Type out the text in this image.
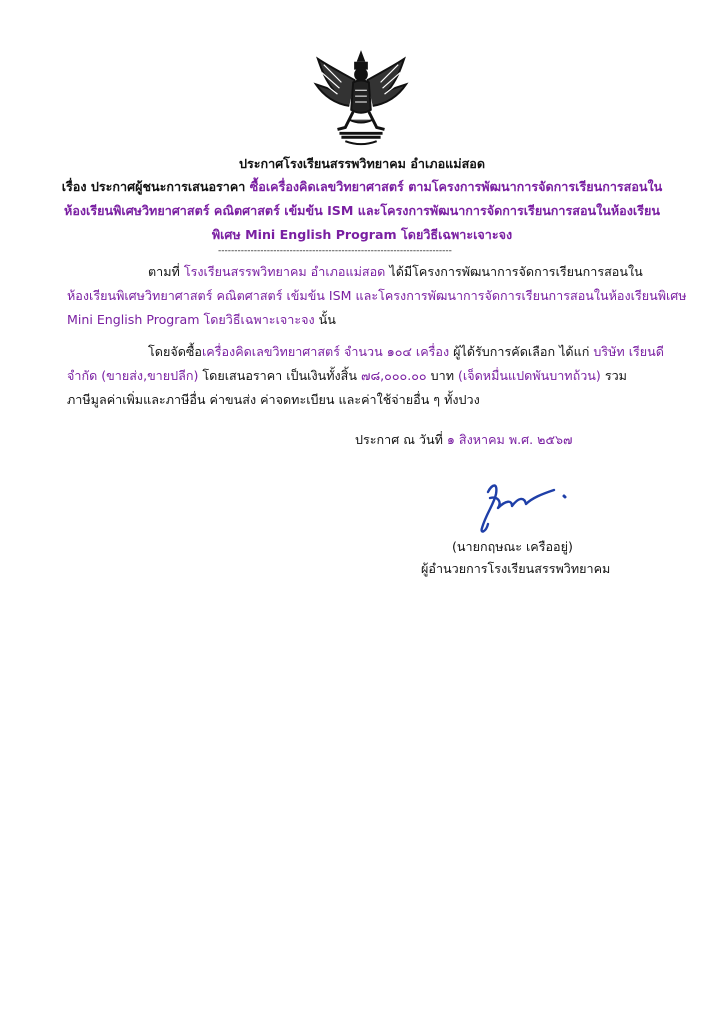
ประกาศโรงเรียนสรรพวิทยาคม อำเภอแม่สอด
เรื่อง ประกาศผู้ชนะการเสนอราคา ซื้อเครื่องคิดเลขวิทยาศาสตร์ ตามโครงการพัฒนาการจัดการเรียนการสอนใน
ห้องเรียนพิเศษวิทยาศาสตร์ คณิตศาสตร์ เข้มข้น ISM และโครงการพัฒนาการจัดการเรียนการสอนในห้องเรียน
พิเศษ Mini English Program โดยวิธีเฉพาะเจาะจง
------------------------------------------------------------------------
ตามที่ โรงเรียนสรรพวิทยาคม อำเภอแม่สอด ได้มีโครงการพัฒนาการจัดการเรียนการสอนใน
ห้องเรียนพิเศษวิทยาศาสตร์ คณิตศาสตร์ เข้มข้น ISM และโครงการพัฒนาการจัดการเรียนการสอนในห้องเรียนพิเศษ
Mini English Program โดยวิธีเฉพาะเจาะจง นั้น
โดยจัดซื้อเครื่องคิดเลขวิทยาศาสตร์ จำนวน ๑๐๔ เครื่อง ผู้ได้รับการคัดเลือก ได้แก่ บริษัท เรียนดี
จำกัด (ขายส่ง,ขายปลีก) โดยเสนอราคา เป็นเงินทั้งสิ้น ๗๘,๐๐๐.๐๐ บาท (เจ็ดหมื่นแปดพันบาทถ้วน) รวม
ภาษีมูลค่าเพิ่มและภาษีอื่น ค่าขนส่ง ค่าจดทะเบียน และค่าใช้จ่ายอื่น ๆ ทั้งปวง
ประกาศ ณ วันที่ ๑ สิงหาคม พ.ศ. ๒๕๖๗
(นายกฤษณะ เครืออยู่)
ผู้อำนวยการโรงเรียนสรรพวิทยาคม
